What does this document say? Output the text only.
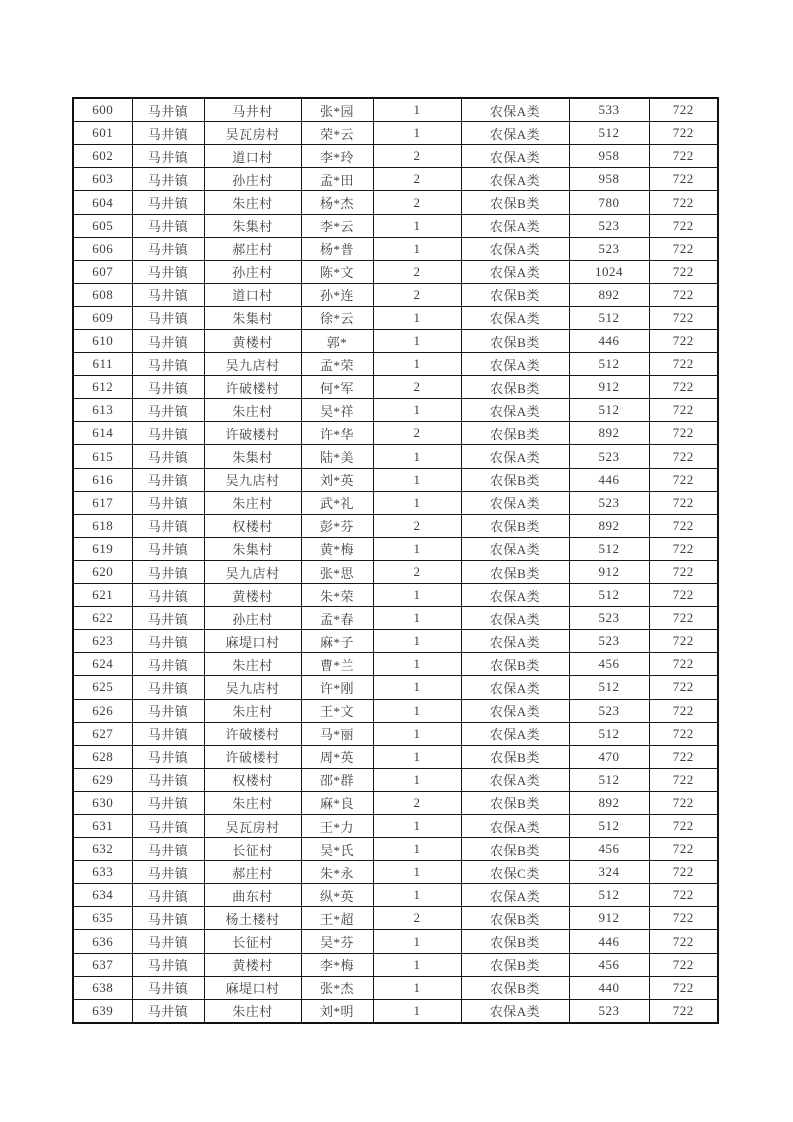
600	马井镇	马井村	张*园	1	农保A类	533	722
601	马井镇	吴瓦房村	荣*云	1	农保A类	512	722
602	马井镇	道口村	李*玲	2	农保A类	958	722
603	马井镇	孙庄村	孟*田	2	农保A类	958	722
604	马井镇	朱庄村	杨*杰	2	农保B类	780	722
605	马井镇	朱集村	李*云	1	农保A类	523	722
606	马井镇	郝庄村	杨*普	1	农保A类	523	722
607	马井镇	孙庄村	陈*文	2	农保A类	1024	722
608	马井镇	道口村	孙*连	2	农保B类	892	722
609	马井镇	朱集村	徐*云	1	农保A类	512	722
610	马井镇	黄楼村	郭*	1	农保B类	446	722
611	马井镇	吴九店村	孟*荣	1	农保A类	512	722
612	马井镇	许破楼村	何*军	2	农保B类	912	722
613	马井镇	朱庄村	吴*祥	1	农保A类	512	722
614	马井镇	许破楼村	许*华	2	农保B类	892	722
615	马井镇	朱集村	陆*美	1	农保A类	523	722
616	马井镇	吴九店村	刘*英	1	农保B类	446	722
617	马井镇	朱庄村	武*礼	1	农保A类	523	722
618	马井镇	权楼村	彭*芬	2	农保B类	892	722
619	马井镇	朱集村	黄*梅	1	农保A类	512	722
620	马井镇	吴九店村	张*思	2	农保B类	912	722
621	马井镇	黄楼村	朱*荣	1	农保A类	512	722
622	马井镇	孙庄村	孟*春	1	农保A类	523	722
623	马井镇	麻堤口村	麻*子	1	农保A类	523	722
624	马井镇	朱庄村	曹*兰	1	农保B类	456	722
625	马井镇	吴九店村	许*刚	1	农保A类	512	722
626	马井镇	朱庄村	王*文	1	农保A类	523	722
627	马井镇	许破楼村	马*丽	1	农保A类	512	722
628	马井镇	许破楼村	周*英	1	农保B类	470	722
629	马井镇	权楼村	邵*群	1	农保A类	512	722
630	马井镇	朱庄村	麻*良	2	农保B类	892	722
631	马井镇	吴瓦房村	王*力	1	农保A类	512	722
632	马井镇	长征村	吴*氏	1	农保B类	456	722
633	马井镇	郝庄村	朱*永	1	农保C类	324	722
634	马井镇	曲东村	纵*英	1	农保A类	512	722
635	马井镇	杨土楼村	王*超	2	农保B类	912	722
636	马井镇	长征村	吴*芬	1	农保B类	446	722
637	马井镇	黄楼村	李*梅	1	农保B类	456	722
638	马井镇	麻堤口村	张*杰	1	农保B类	440	722
639	马井镇	朱庄村	刘*明	1	农保A类	523	722
